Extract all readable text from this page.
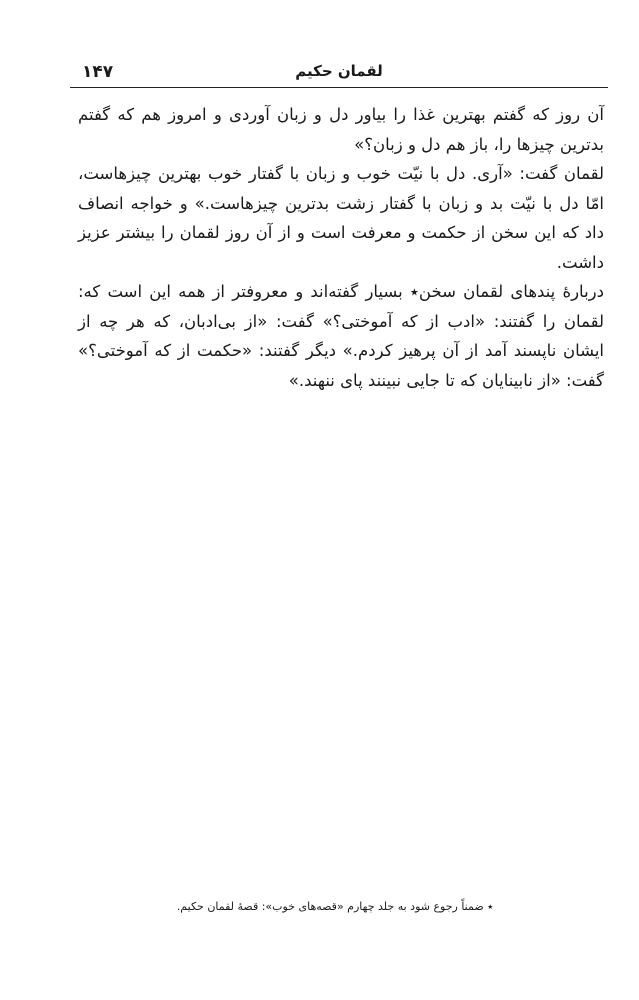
۱۴۷	لقمان حکیم

آن روز که گفتم بهترین غذا را بیاور دل و زبان آوردی و امروز هم که گفتم بدترین چیزها را، باز هم دل و زبان؟»

لقمان گفت: «آری. دل با نیّت خوب و زبان با گفتار خوب بهترین چیزهاست، امّا دل با نیّت بد و زبان با گفتار زشت بدترین چیزهاست.» و خواجه انصاف داد که این سخن از حکمت و معرفت است و از آن روز لقمان را بیشتر عزیز داشت.

دربارهٔ پندهای لقمان سخن٭ بسیار گفته‌اند و معروفتر از همه این است که: لقمان را گفتند: «ادب از که آموختی؟» گفت: «از بی‌ادبان، که هر چه از ایشان ناپسند آمد از آن پرهیز کردم.» دیگر گفتند: «حکمت از که آموختی؟» گفت: «از نابینایان که تا جایی نبینند پای ننهند.»

٭ ضمناً رجوع شود به جلد چهارم «قصه‌های خوب»: قصهٔ لقمان حکیم.
